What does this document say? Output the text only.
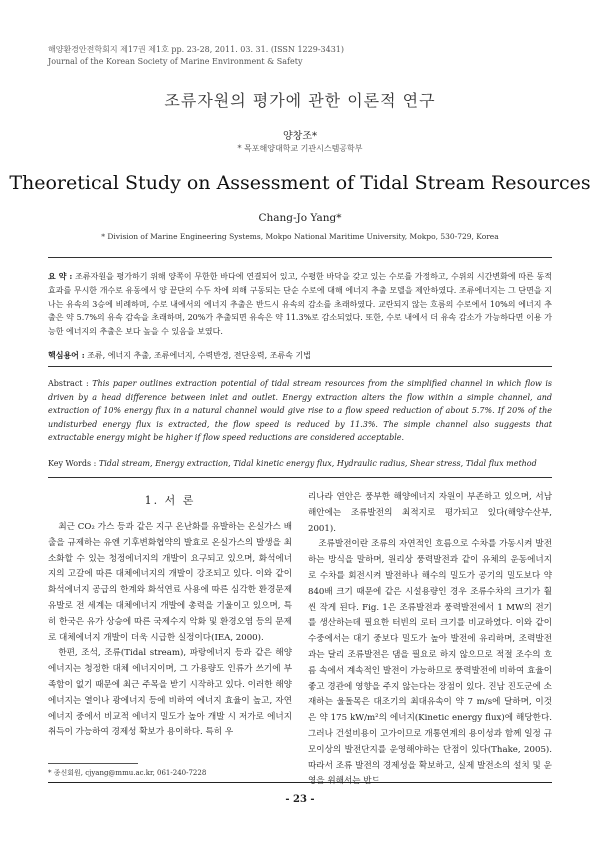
해양환경안전학회지 제17권 제1호 pp. 23-28, 2011. 03. 31. (ISSN 1229-3431)
Journal of the Korean Society of Marine Environment & Safety
조류자원의 평가에 관한 이론적 연구
양창조*
* 목포해양대학교 기관시스템공학부
Theoretical Study on Assessment of Tidal Stream Resources
Chang-Jo Yang*
* Division of Marine Engineering Systems, Mokpo National Maritime University, Mokpo, 530-729, Korea
요 약 : 조류자원을 평가하기 위해 양쪽이 무한한 바다에 연결되어 있고, 수평한 바닥을 갖고 있는 수로를 가정하고, 수위의 시간변화에 따른 동적효과를 무시한 개수로 유동에서 양 끝단의 수두 차에 의해 구동되는 단순 수로에 대해 에너지 추출 모델을 제안하였다. 조류에너지는 그 단면을 지나는 유속의 3승에 비례하며, 수로 내에서의 에너지 추출은 반드시 유속의 감소를 초래하였다. 교란되지 않는 흐름의 수로에서 10%의 에너지 추출은 약 5.7%의 유속 감속을 초래하며, 20%가 추출되면 유속은 약 11.3%로 감소되었다. 또한, 수로 내에서 더 유속 감소가 가능하다면 이용 가능한 에너지의 추출은 보다 높을 수 있음을 보였다.
핵심용어 : 조류, 에너지 추출, 조류에너지, 수력반경, 전단응력, 조류속 기법
Abstract : This paper outlines extraction potential of tidal stream resources from the simplified channel in which flow is driven by a head difference between inlet and outlet. Energy extraction alters the flow within a simple channel, and extraction of 10% energy flux in a natural channel would give rise to a flow speed reduction of about 5.7%. If 20% of the undisturbed energy flux is extracted, the flow speed is reduced by 11.3%. The simple channel also suggests that extractable energy might be higher if flow speed reductions are considered acceptable.
Key Words : Tidal stream, Energy extraction, Tidal kinetic energy flux, Hydraulic radius, Shear stress, Tidal flux method
1. 서 론

최근 CO₂ 가스 등과 같은 지구 온난화를 유발하는 온실가스 배출을 규제하는 유엔 기후변화협약의 발효로 온실가스의 발생을 최소화할 수 있는 청정에너지의 개발이 요구되고 있으며, 화석에너지의 고갈에 따른 대체에너지의 개발이 강조되고 있다. 이와 같이 화석에너지 공급의 한계와 화석연료 사용에 따른 심각한 환경문제 유발로 전 세계는 대체에너지 개발에 총력을 기울이고 있으며, 특히 한국은 유가 상승에 따른 국제수지 악화 및 환경오염 등의 문제로 대체에너지 개발이 더욱 시급한 실정이다(IEA, 2000).

한편, 조석, 조류(Tidal stream), 파랑에너지 등과 같은 해양에너지는 청정한 대체 에너지이며, 그 가용량도 인류가 쓰기에 부족함이 없기 때문에 최근 주목을 받기 시작하고 있다. 이러한 해양에너지는 열이나 광에너지 등에 비하여 에너지 효율이 높고, 자연에너지 중에서 비교적 에너지 밀도가 높아 개발 시 저가로 에너지 취득이 가능하여 경제성 확보가 용이하다. 특히 우

리나라 연안은 풍부한 해양에너지 자원이 부존하고 있으며, 서남해안에는 조류발전의 최적지로 평가되고 있다(해양수산부, 2001).

조류발전이란 조류의 자연적인 흐름으로 수차를 가동시켜 발전하는 방식을 말하며, 원리상 풍력발전과 같이 유체의 운동에너지로 수차를 회전시켜 발전하나 해수의 밀도가 공기의 밀도보다 약 840배 크기 때문에 같은 시설용량인 경우 조류수차의 크기가 훨씬 작게 된다. Fig. 1은 조류발전과 풍력발전에서 1 MW의 전기를 생산하는데 필요한 터빈의 로터 크기를 비교하였다. 이와 같이 수중에서는 대기 중보다 밀도가 높아 발전에 유리하며, 조력발전과는 달리 조류발전은 댐을 필요로 하지 않으므로 적절 조수의 흐름 속에서 계속적인 발전이 가능하므로 풍력발전에 비하여 효율이 좋고 경관에 영향을 주지 않는다는 장점이 있다. 진남 진도군에 소재하는 울돌목은 대조기의 최대유속이 약 7 m/s에 달하며, 이것은 약 175 kW/m²의 에너지(Kinetic energy flux)에 해당한다. 그러나 건설비용이 고가이므로 개통연계의 용이성과 함께 일정 규모이상의 발전단지를 운영해야하는 단점이 있다(Thake, 2005). 따라서 조류 발전의 경제성을 확보하고, 실제 발전소의 설치 및 운

* 종신회원, cjyang@mmu.ac.kr, 061-240-7228
- 23 -
